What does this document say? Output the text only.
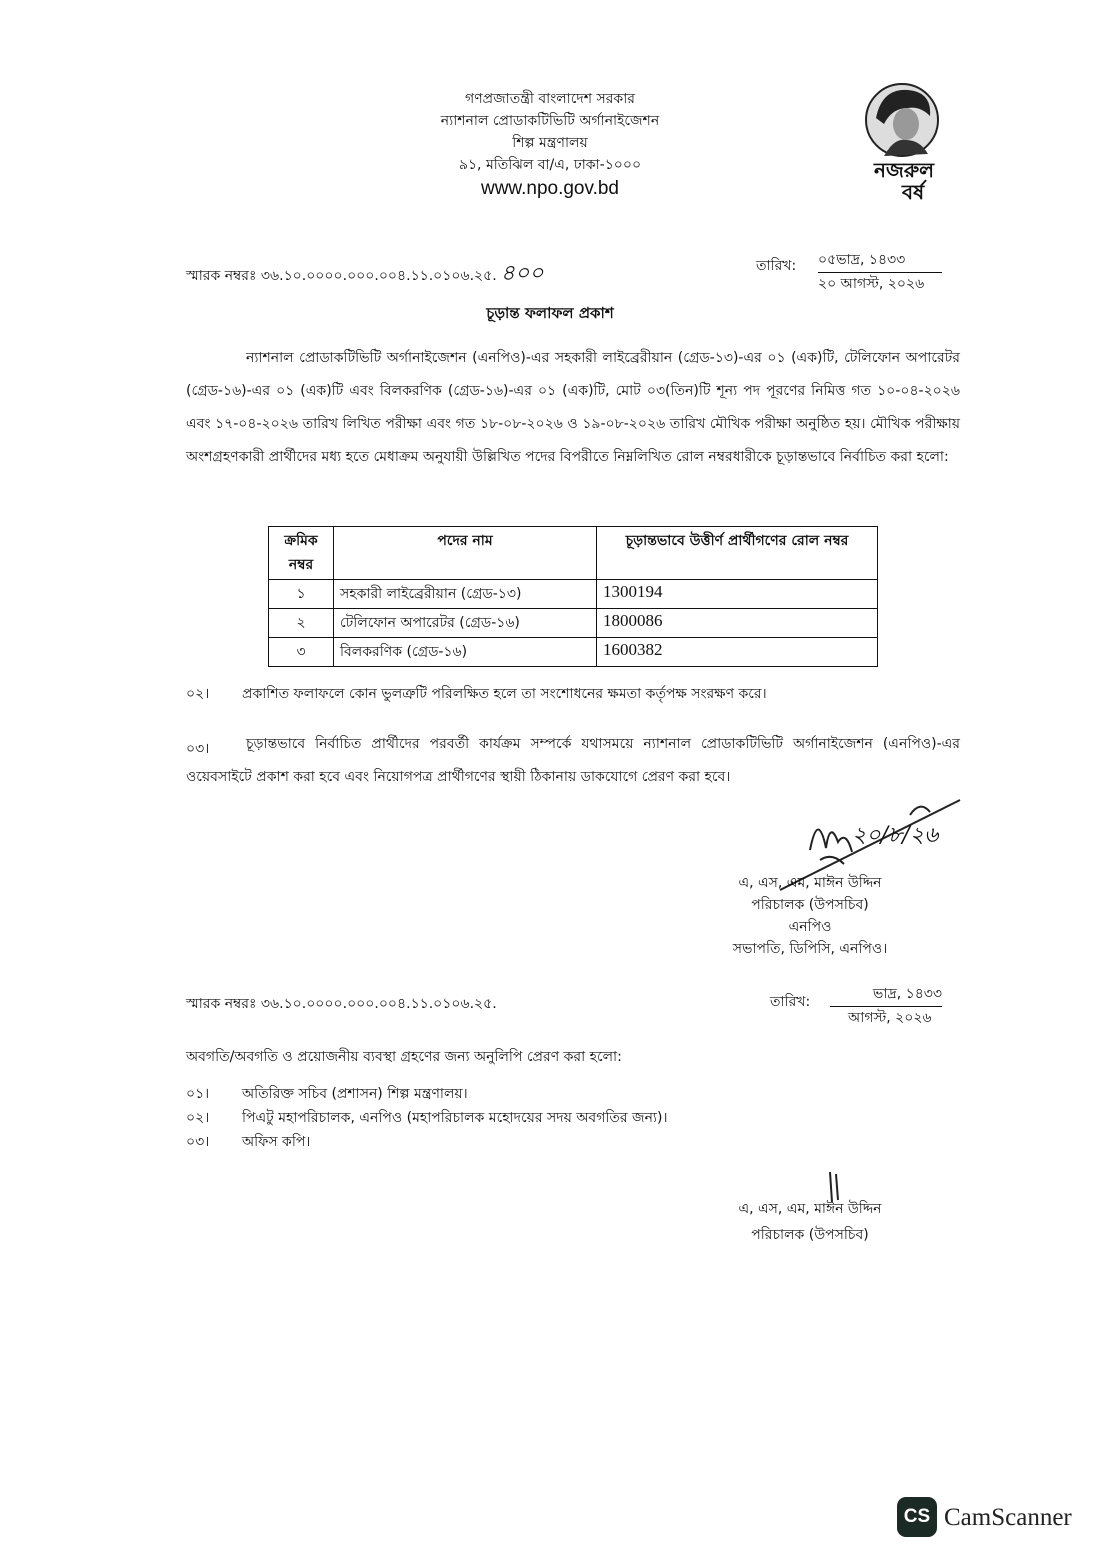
গণপ্রজাতন্ত্রী বাংলাদেশ সরকার
ন্যাশনাল প্রোডাকটিভিটি অর্গানাইজেশন
শিল্প মন্ত্রণালয়
৯১, মতিঝিল বা/এ, ঢাকা-১০০০
www.npo.gov.bd
নজরুল
বর্ষ
স্মারক নম্বরঃ ৩৬.১০.০০০০.০০০.০০৪.১১.০১০৬.২৫. ৪০০	তারিখ: ০৫ভাদ্র, ১৪৩৩
২০ আগস্ট, ২০২৬
চূড়ান্ত ফলাফল প্রকাশ
ন্যাশনাল প্রোডাকটিভিটি অর্গানাইজেশন (এনপিও)-এর সহকারী লাইব্রেরীয়ান (গ্রেড-১৩)-এর ০১ (এক)টি, টেলিফোন অপারেটর (গ্রেড-১৬)-এর ০১ (এক)টি এবং বিলকরণিক (গ্রেড-১৬)-এর ০১ (এক)টি, মোট ০৩(তিন)টি শূন্য পদ পূরণের নিমিত্ত গত ১০-০৪-২০২৬ এবং ১৭-০৪-২০২৬ তারিখ লিখিত পরীক্ষা এবং গত ১৮-০৮-২০২৬ ও ১৯-০৮-২০২৬ তারিখ মৌখিক পরীক্ষা অনুষ্ঠিত হয়। মৌখিক পরীক্ষায় অংশগ্রহণকারী প্রার্থীদের মধ্য হতে মেধাক্রম অনুযায়ী উল্লিখিত পদের বিপরীতে নিম্নলিখিত রোল নম্বরধারীকে চূড়ান্তভাবে নির্বাচিত করা হলো:
ক্রমিক নম্বর	পদের নাম	চূড়ান্তভাবে উত্তীর্ণ প্রার্থীগণের রোল নম্বর
১	সহকারী লাইব্রেরীয়ান (গ্রেড-১৩)	1300194
২	টেলিফোন অপারেটর (গ্রেড-১৬)	1800086
৩	বিলকরণিক (গ্রেড-১৬)	1600382
০২। প্রকাশিত ফলাফলে কোন ভুলত্রুটি পরিলক্ষিত হলে তা সংশোধনের ক্ষমতা কর্তৃপক্ষ সংরক্ষণ করে।
০৩।	চূড়ান্তভাবে নির্বাচিত প্রার্থীদের পরবর্তী কার্যক্রম সম্পর্কে যথাসময়ে ন্যাশনাল প্রোডাকটিভিটি অর্গানাইজেশন (এনপিও)-এর ওয়েবসাইটে প্রকাশ করা হবে এবং নিয়োগপত্র প্রার্থীগণের স্থায়ী ঠিকানায় ডাকযোগে প্রেরণ করা হবে।
২০/৮/২৬
এ, এস, এম, মাঈন উদ্দিন
পরিচালক (উপসচিব)
এনপিও
সভাপতি, ডিপিসি, এনপিও।
স্মারক নম্বরঃ ৩৬.১০.০০০০.০০০.০০৪.১১.০১০৬.২৫.	তারিখ:	ভাদ্র, ১৪৩৩
আগস্ট, ২০২৬
অবগতি/অবগতি ও প্রয়োজনীয় ব্যবস্থা গ্রহণের জন্য অনুলিপি প্রেরণ করা হলো:
০১। অতিরিক্ত সচিব (প্রশাসন) শিল্প মন্ত্রণালয়।
০২। পিএটু মহাপরিচালক, এনপিও (মহাপরিচালক মহোদয়ের সদয় অবগতির জন্য)।
০৩। অফিস কপি।
এ, এস, এম, মাঈন উদ্দিন
পরিচালক (উপসচিব)
CS CamScanner
